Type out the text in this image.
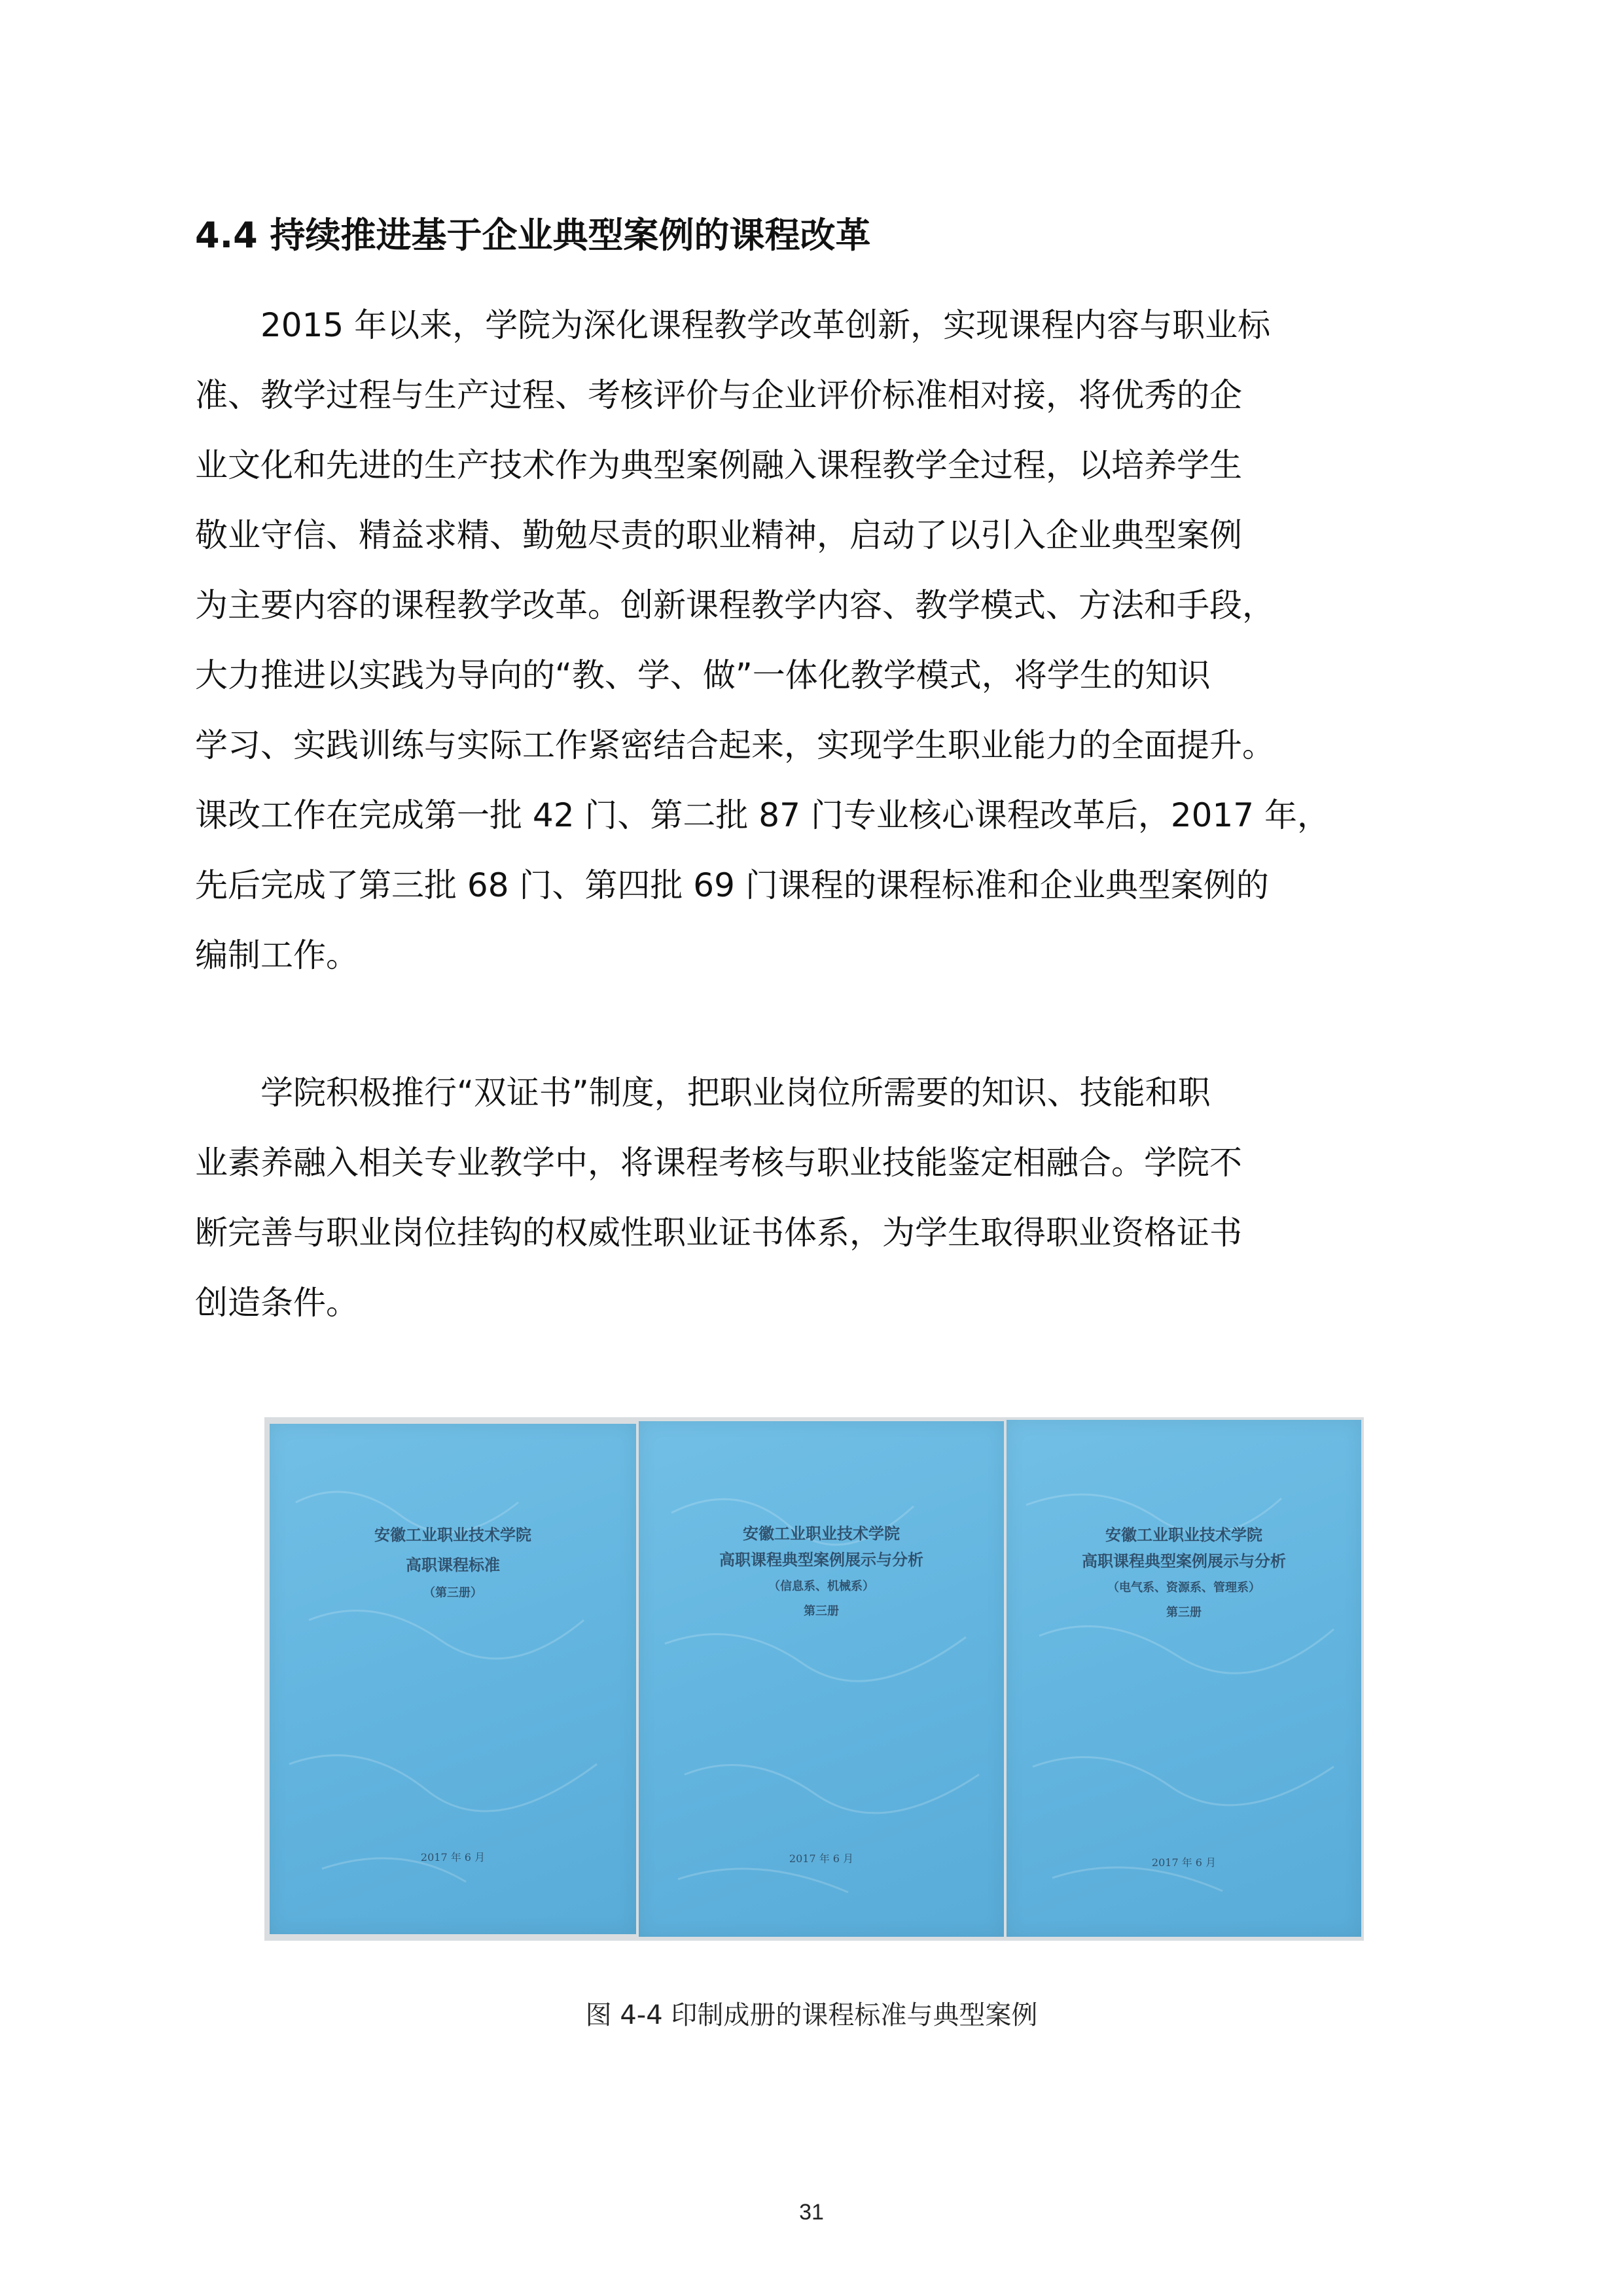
4.4 持续推进基于企业典型案例的课程改革

　　2015 年以来，学院为深化课程教学改革创新，实现课程内容与职业标
准、教学过程与生产过程、考核评价与企业评价标准相对接，将优秀的企
业文化和先进的生产技术作为典型案例融入课程教学全过程，以培养学生
敬业守信、精益求精、勤勉尽责的职业精神，启动了以引入企业典型案例
为主要内容的课程教学改革。创新课程教学内容、教学模式、方法和手段，
大力推进以实践为导向的“教、学、做”一体化教学模式，将学生的知识
学习、实践训练与实际工作紧密结合起来，实现学生职业能力的全面提升。
课改工作在完成第一批 42 门、第二批 87 门专业核心课程改革后，2017 年，
先后完成了第三批 68 门、第四批 69 门课程的课程标准和企业典型案例的
编制工作。

　　学院积极推行“双证书”制度，把职业岗位所需要的知识、技能和职
业素养融入相关专业教学中，将课程考核与职业技能鉴定相融合。学院不
断完善与职业岗位挂钩的权威性职业证书体系，为学生取得职业资格证书
创造条件。

安徽工业职业技术学院
高职课程标准
（第三册）
2017 年 6 月
安徽工业职业技术学院
高职课程典型案例展示与分析
（信息系、机械系）
第三册
2017 年 6 月
安徽工业职业技术学院
高职课程典型案例展示与分析
（电气系、资源系、管理系）
第三册
2017 年 6 月
图 4-4 印制成册的课程标准与典型案例
31
